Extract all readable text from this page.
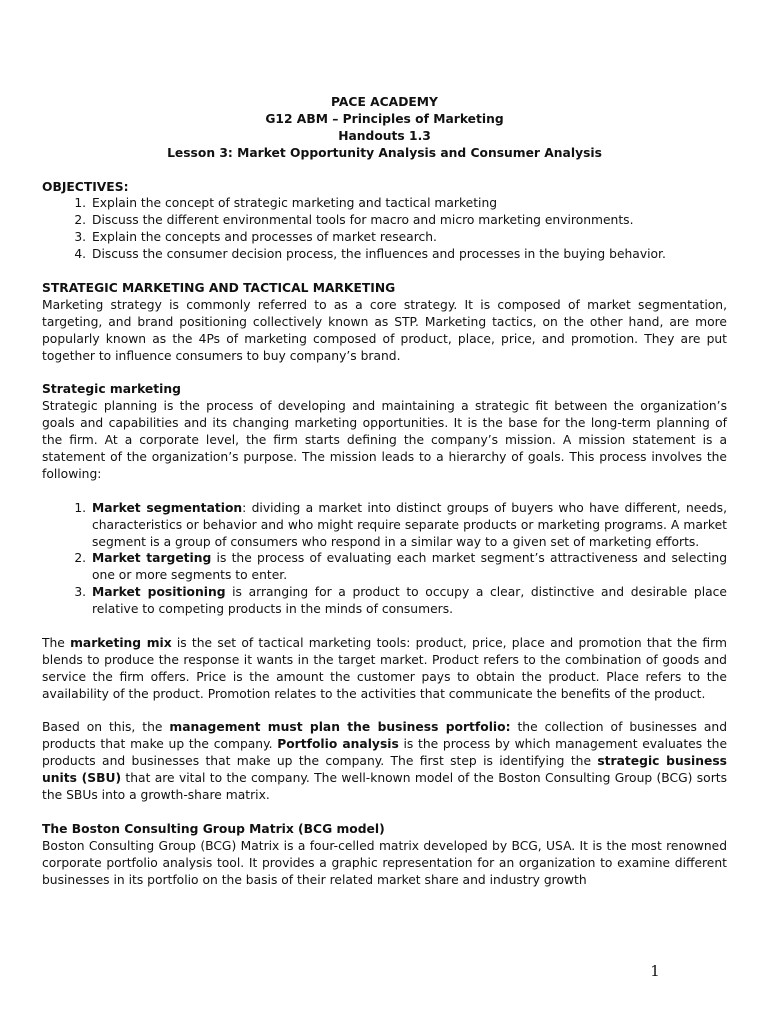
PACE ACADEMY

G12 ABM – Principles of Marketing

Handouts 1.3

Lesson 3: Market Opportunity Analysis and Consumer Analysis

OBJECTIVES:

1. Explain the concept of strategic marketing and tactical marketing
2. Discuss the different environmental tools for macro and micro marketing environments.
3. Explain the concepts and processes of market research.
4. Discuss the consumer decision process, the influences and processes in the buying behavior.

STRATEGIC MARKETING AND TACTICAL MARKETING

Marketing strategy is commonly referred to as a core strategy. It is composed of market segmentation, targeting, and brand positioning collectively known as STP. Marketing tactics, on the other hand, are more popularly known as the 4Ps of marketing composed of product, place, price, and promotion. They are put together to influence consumers to buy company’s brand.

Strategic marketing

Strategic planning is the process of developing and maintaining a strategic fit between the organization’s goals and capabilities and its changing marketing opportunities. It is the base for the long-term planning of the firm. At a corporate level, the firm starts defining the company’s mission. A mission statement is a statement of the organization’s purpose. The mission leads to a hierarchy of goals. This process involves the following:

1. Market segmentation: dividing a market into distinct groups of buyers who have different, needs, characteristics or behavior and who might require separate products or marketing programs. A market segment is a group of consumers who respond in a similar way to a given set of marketing efforts.
2. Market targeting is the process of evaluating each market segment’s attractiveness and selecting one or more segments to enter.
3. Market positioning is arranging for a product to occupy a clear, distinctive and desirable place relative to competing products in the minds of consumers.

The marketing mix is the set of tactical marketing tools: product, price, place and promotion that the firm blends to produce the response it wants in the target market. Product refers to the combination of goods and service the firm offers. Price is the amount the customer pays to obtain the product. Place refers to the availability of the product. Promotion relates to the activities that communicate the benefits of the product.

Based on this, the management must plan the business portfolio: the collection of businesses and products that make up the company. Portfolio analysis is the process by which management evaluates the products and businesses that make up the company. The first step is identifying the strategic business units (SBU) that are vital to the company. The well-known model of the Boston Consulting Group (BCG) sorts the SBUs into a growth-share matrix.

The Boston Consulting Group Matrix (BCG model)

Boston Consulting Group (BCG) Matrix is a four-celled matrix developed by BCG, USA. It is the most renowned corporate portfolio analysis tool. It provides a graphic representation for an organization to examine different businesses in its portfolio on the basis of their related market share and industry growth

1
